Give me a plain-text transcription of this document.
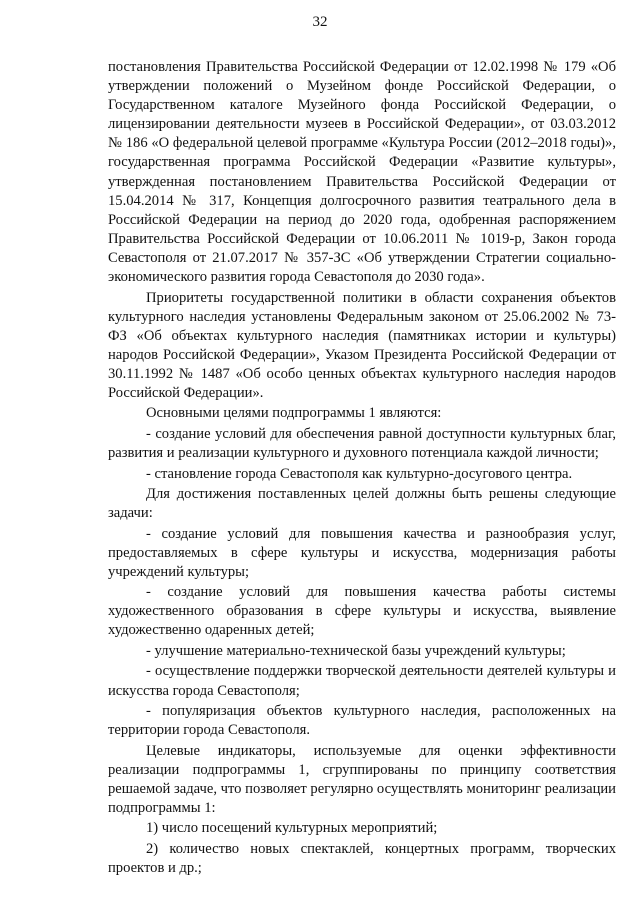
32

постановления Правительства Российской Федерации от 12.02.1998 № 179 «Об утверждении положений о Музейном фонде Российской Федерации, о Государственном каталоге Музейного фонда Российской Федерации, о лицензировании деятельности музеев в Российской Федерации», от 03.03.2012 № 186 «О федеральной целевой программе «Культура России (2012–2018 годы)», государственная программа Российской Федерации «Развитие культуры», утвержденная постановлением Правительства Российской Федерации от 15.04.2014 № 317, Концепция долгосрочного развития театрального дела в Российской Федерации на период до 2020 года, одобренная распоряжением Правительства Российской Федерации от 10.06.2011 № 1019-р, Закон города Севастополя от 21.07.2017 № 357-ЗС «Об утверждении Стратегии социально-экономического развития города Севастополя до 2030 года».

Приоритеты государственной политики в области сохранения объектов культурного наследия установлены Федеральным законом от 25.06.2002 № 73-ФЗ «Об объектах культурного наследия (памятниках истории и культуры) народов Российской Федерации», Указом Президента Российской Федерации от 30.11.1992 № 1487 «Об особо ценных объектах культурного наследия народов Российской Федерации».

Основными целями подпрограммы 1 являются:

- создание условий для обеспечения равной доступности культурных благ, развития и реализации культурного и духовного потенциала каждой личности;

- становление города Севастополя как культурно-досугового центра.

Для достижения поставленных целей должны быть решены следующие задачи:

- создание условий для повышения качества и разнообразия услуг, предоставляемых в сфере культуры и искусства, модернизация работы учреждений культуры;

- создание условий для повышения качества работы системы художественного образования в сфере культуры и искусства, выявление художественно одаренных детей;

- улучшение материально-технической базы учреждений культуры;

- осуществление поддержки творческой деятельности деятелей культуры и искусства города Севастополя;

- популяризация объектов культурного наследия, расположенных на территории города Севастополя.

Целевые индикаторы, используемые для оценки эффективности реализации подпрограммы 1, сгруппированы по принципу соответствия решаемой задаче, что позволяет регулярно осуществлять мониторинг реализации подпрограммы 1:

1) число посещений культурных мероприятий;

2) количество новых спектаклей, концертных программ, творческих проектов и др.;
